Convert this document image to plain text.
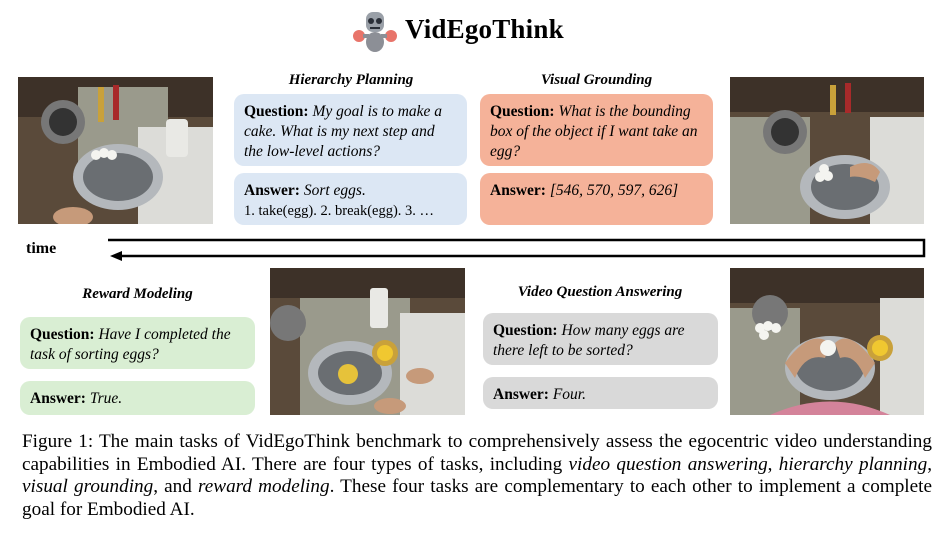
VidEgoThink
Hierarchy Planning
Question: My goal is to make a cake. What is my next step and the low-level actions?
Answer: Sort eggs.
1. take(egg). 2. break(egg). 3. …
Visual Grounding
Question: What is the bounding box of the object if I want take an egg?
Answer: [546, 570, 597, 626]
time
Reward Modeling
Question: Have I completed the task of sorting eggs?
Answer: True.
Video Question Answering
Question: How many eggs are there left to be sorted?
Answer: Four.
Figure 1: The main tasks of VidEgoThink benchmark to comprehensively assess the egocentric video understanding capabilities in Embodied AI. There are four types of tasks, including video question answering, hierarchy planning, visual grounding, and reward modeling. These four tasks are complementary to each other to implement a complete goal for Embodied AI.
